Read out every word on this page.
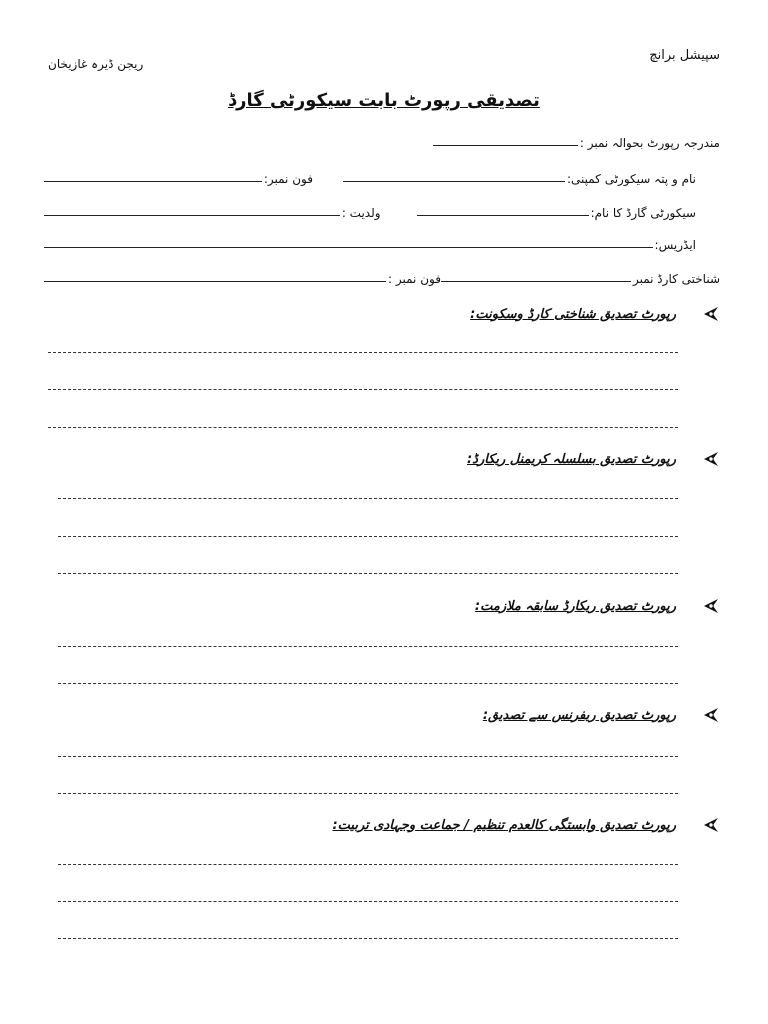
سپیشل برانچ
ریجن ڈیرہ غازیخان
تصدیقی رپورٹ بابت سیکورٹی گارڈ
مندرجہ رپورٹ بحوالہ نمبر :
نام و پتہ سیکورٹی کمپنی:
فون نمبر:
سیکورٹی گارڈ کا نام:
ولدیت :
ایڈریس:
شناختی کارڈ نمبر
فون نمبر :
رپورٹ تصدیق شناختی کارڈ وسکونت:
رپورٹ تصدیق بسلسلہ کریمنل ریکارڈ:
رپورٹ تصدیق ریکارڈ سابقہ ملازمت:
رپورٹ تصدیق ریفرنس سے تصدیق:
رپورٹ تصدیق وابستگی کالعدم تنظیم / جماعت وجہادی تربیت:
